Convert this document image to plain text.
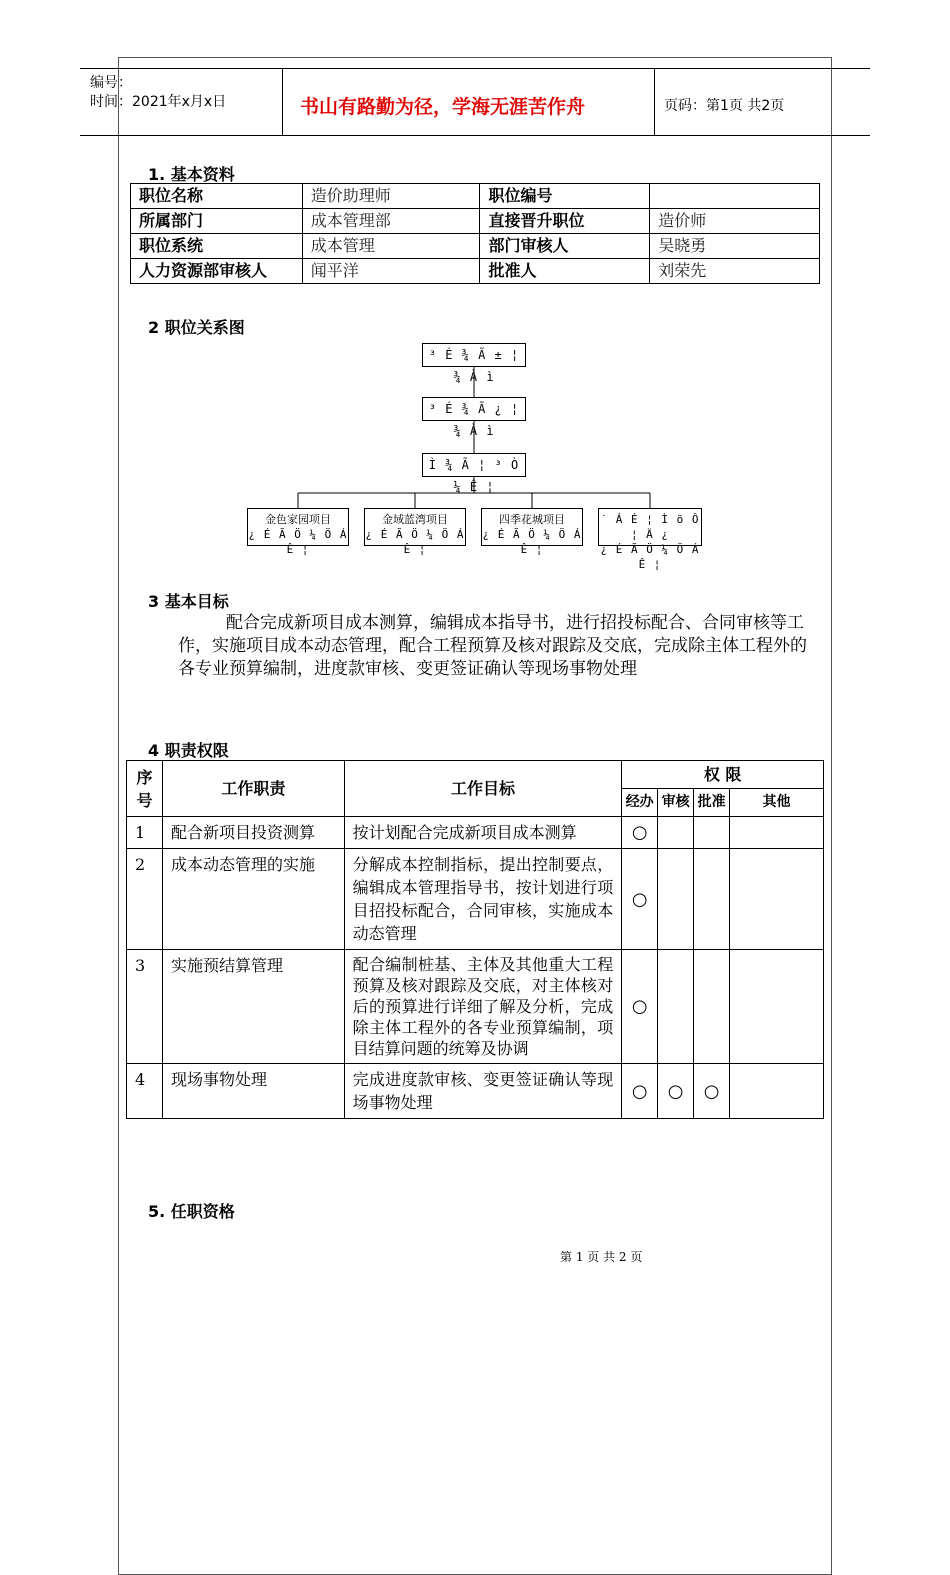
编号：
时间：2021年x月x日	书山有路勤为径，学海无涯苦作舟	页码：第1页 共2页
1. 基本资料
职位名称	造价助理师	职位编号	
所属部门	成本管理部	直接晋升职位	造价师
职位系统	成本管理	部门审核人	吴晓勇
人力资源部审核人	闻平洋	批准人	刘荣先
2 职位关系图
³ É ¾ Ã ± ¦ ¾ À ì
³ É ¾ Ã ¿ ¦ ¾ À ì
Ì ¾ Ã ¦ ³ Ò ¼ Ê ¦
金色家园项目
¿ É Ã Ö ¼ Ö Á Ê ¦
金域蓝湾项目
¿ É Ã Ö ¼ Ö Á Ê ¦
四季花城项目
¿ É Ã Ö ¼ Ö Á Ê ¦
˙ Á É ¦ Ì ö Ô ¦ Ä ¿
¿ É Ã Ö ¼ Ö Á Ê ¦
3 基本目标
配合完成新项目成本测算，编辑成本指导书，进行招投标配合、合同审核等工作，实施项目成本动态管理，配合工程预算及核对跟踪及交底，完成除主体工程外的各专业预算编制，进度款审核、变更签证确认等现场事物处理
4 职责权限
序号	工作职责	工作目标	权 限			
			经办	审核	批准	其他
1	配合新项目投资测算	按计划配合完成新项目成本测算	○			
2	成本动态管理的实施	分解成本控制指标，提出控制要点，编辑成本管理指导书，按计划进行项目招投标配合，合同审核，实施成本动态管理	○			
3	实施预结算管理	配合编制桩基、主体及其他重大工程预算及核对跟踪及交底，对主体核对后的预算进行详细了解及分析，完成除主体工程外的各专业预算编制，项目结算问题的统筹及协调	○			
4	现场事物处理	完成进度款审核、变更签证确认等现场事物处理	○	○	○	
5. 任职资格
第 1 页 共 2 页
